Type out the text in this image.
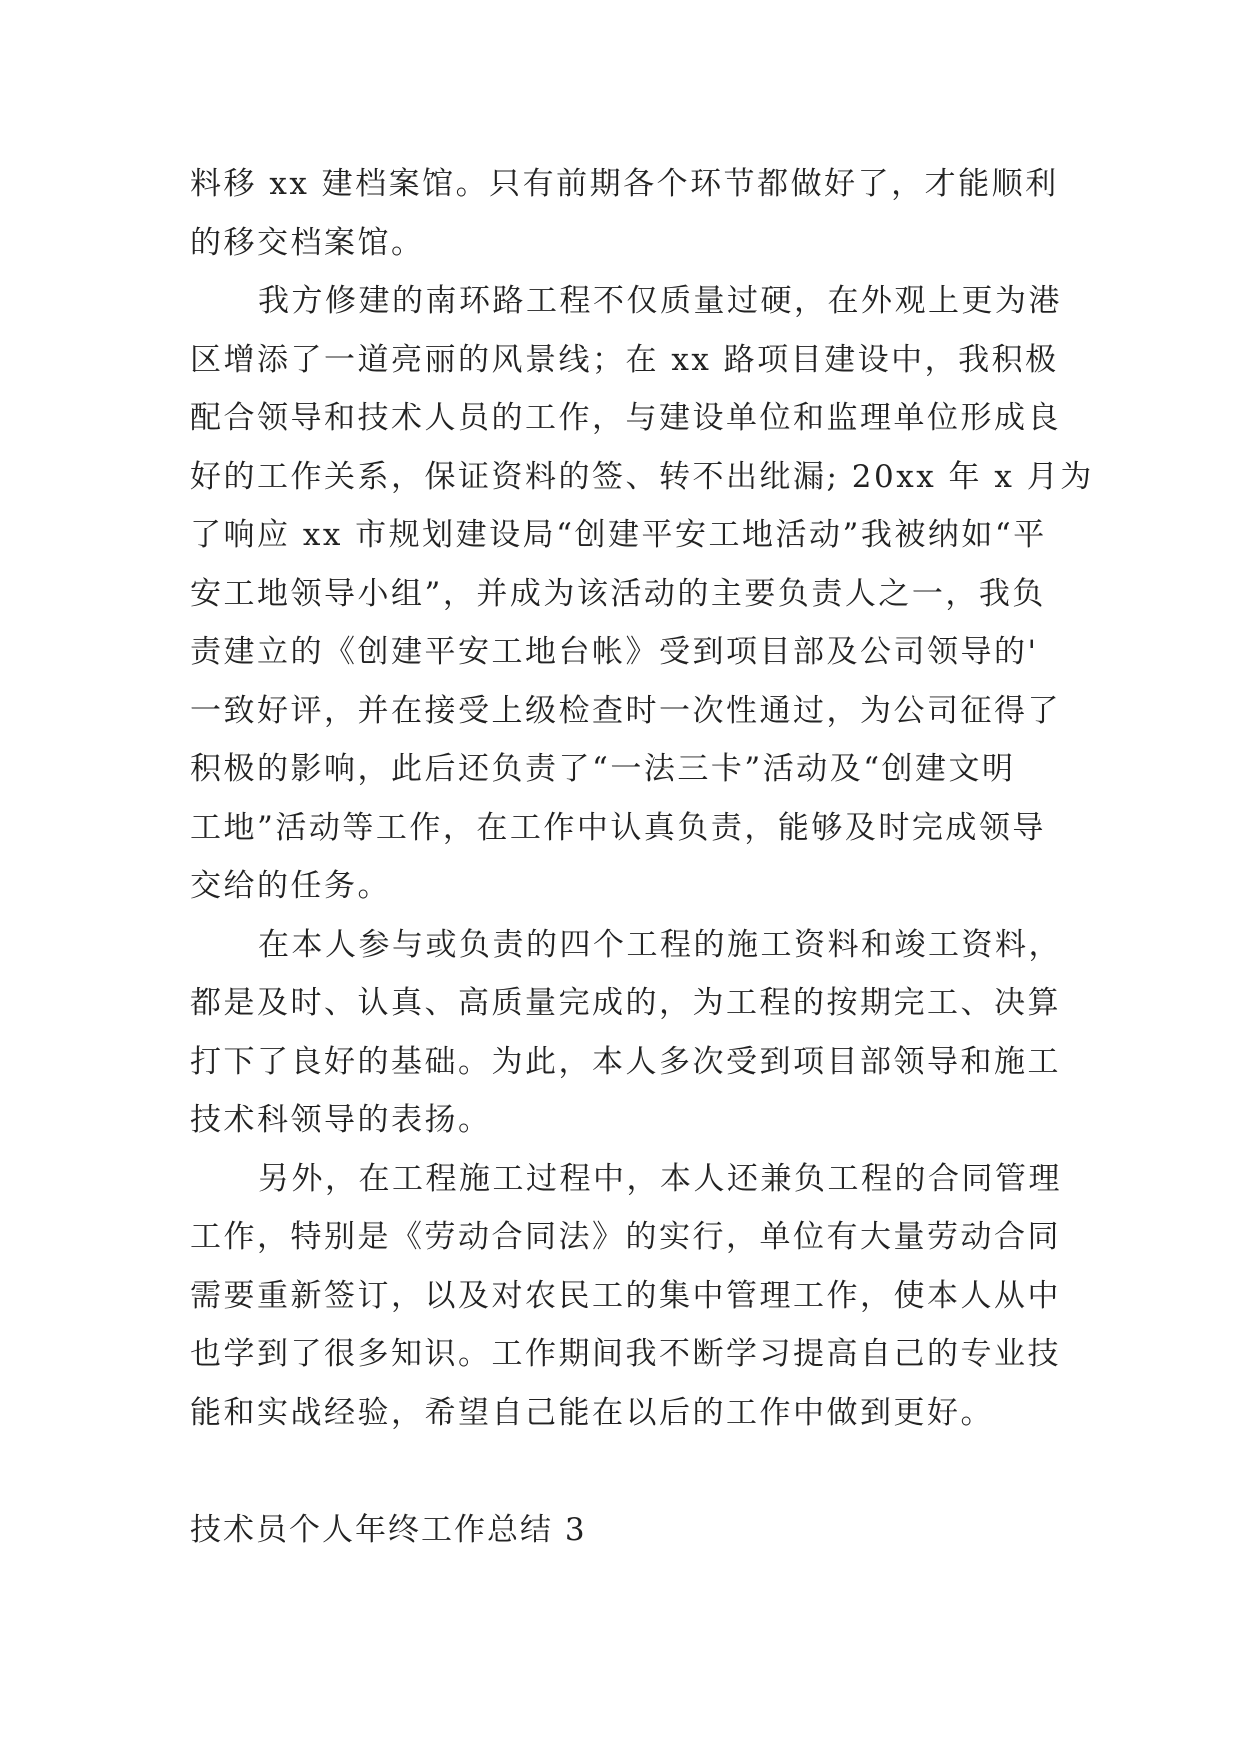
料移 xx 建档案馆。只有前期各个环节都做好了，才能顺利
的移交档案馆。
我方修建的南环路工程不仅质量过硬，在外观上更为港
区增添了一道亮丽的风景线；在 xx 路项目建设中，我积极
配合领导和技术人员的工作，与建设单位和监理单位形成良
好的工作关系，保证资料的签、转不出纰漏; 20xx 年 x 月为
了响应 xx 市规划建设局“创建平安工地活动”我被纳如“平
安工地领导小组”，并成为该活动的主要负责人之一，我负
责建立的《创建平安工地台帐》受到项目部及公司领导的'
一致好评，并在接受上级检查时一次性通过，为公司征得了
积极的影响，此后还负责了“一法三卡”活动及“创建文明
工地”活动等工作，在工作中认真负责，能够及时完成领导
交给的任务。
在本人参与或负责的四个工程的施工资料和竣工资料，
都是及时、认真、高质量完成的，为工程的按期完工、决算
打下了良好的基础。为此，本人多次受到项目部领导和施工
技术科领导的表扬。
另外，在工程施工过程中，本人还兼负工程的合同管理
工作，特别是《劳动合同法》的实行，单位有大量劳动合同
需要重新签订，以及对农民工的集中管理工作，使本人从中
也学到了很多知识。工作期间我不断学习提高自己的专业技
能和实战经验，希望自己能在以后的工作中做到更好。
技术员个人年终工作总结 3
